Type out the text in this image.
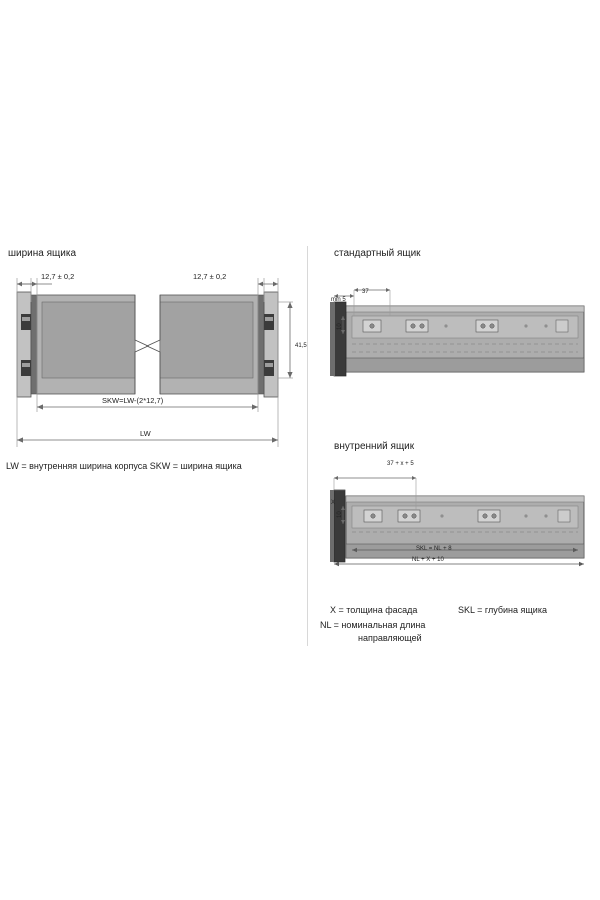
ширина ящика
12,7 ± 0,2	12,7 ± 0,2
41,5
SKW=LW-(2*12,7)
LW
LW = внутренняя ширина корпуса SKW = ширина ящика
стандартный ящик
min 5
37
10
внутренний ящик
37 + x + 5
X
10
SKL = NL + 8
NL + X + 10
X = толщина фасада	SKL = глубина ящика
NL = номинальная длина
направляющей
